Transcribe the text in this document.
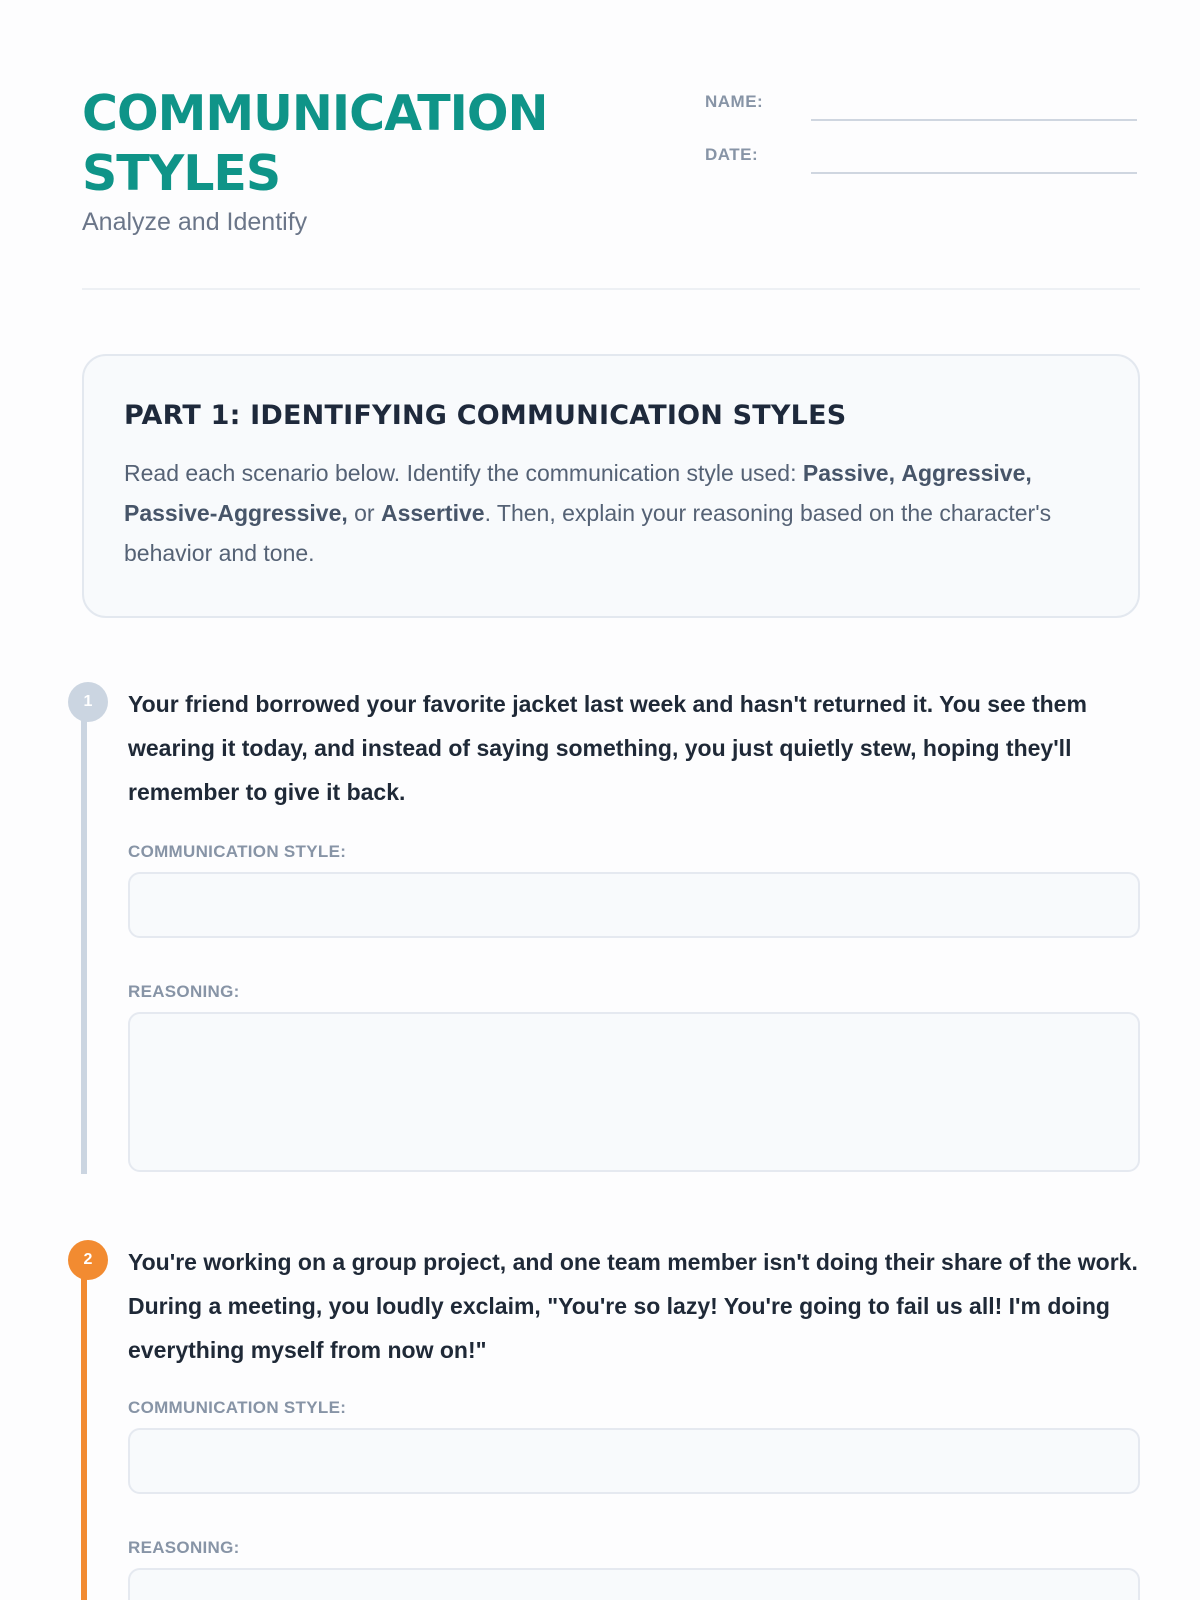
COMMUNICATION
STYLES
Analyze and Identify
NAME:
DATE:
PART 1: IDENTIFYING COMMUNICATION STYLES

Read each scenario below. Identify the communication style used: Passive, Aggressive, Passive-Aggressive, or Assertive. Then, explain your reasoning based on the character's behavior and tone.

1	Your friend borrowed your favorite jacket last week and hasn't returned it. You see them wearing it today, and instead of saying something, you just quietly stew, hoping they'll remember to give it back.
COMMUNICATION STYLE:
REASONING:
2	You're working on a group project, and one team member isn't doing their share of the work. During a meeting, you loudly exclaim, "You're so lazy! You're going to fail us all! I'm doing everything myself from now on!"
COMMUNICATION STYLE:
REASONING:
